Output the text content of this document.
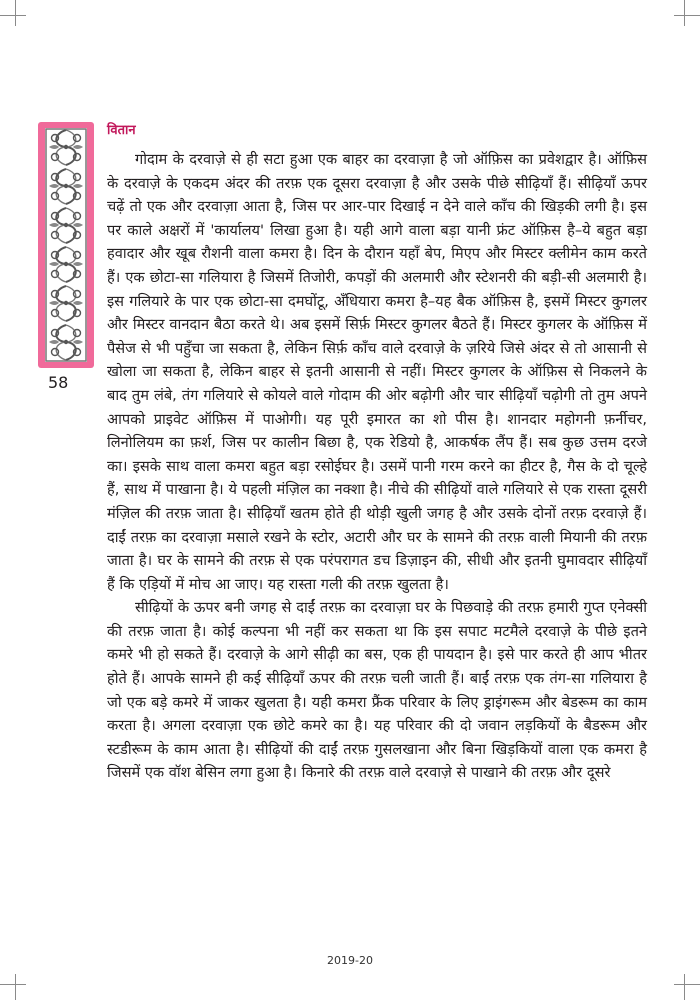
वितान
58

गोदाम के दरवाज़े से ही सटा हुआ एक बाहर का दरवाज़ा है जो ऑफ़िस का प्रवेशद्वार है। ऑफ़िस के दरवाज़े के एकदम अंदर की तरफ़ एक दूसरा दरवाज़ा है और उसके पीछे सीढ़ियाँ हैं। सीढ़ियाँ ऊपर चढ़ें तो एक और दरवाज़ा आता है, जिस पर आर-पार दिखाई न देने वाले काँच की खिड़की लगी है। इस पर काले अक्षरों में 'कार्यालय' लिखा हुआ है। यही आगे वाला बड़ा यानी फ्रंट ऑफ़िस है–ये बहुत बड़ा हवादार और खूब रौशनी वाला कमरा है। दिन के दौरान यहाँ बेप, मिएप और मिस्टर क्लीमेन काम करते हैं। एक छोटा-सा गलियारा है जिसमें तिजोरी, कपड़ों की अलमारी और स्टेशनरी की बड़ी-सी अलमारी है। इस गलियारे के पार एक छोटा-सा दमघोंटू, अँधियारा कमरा है–यह बैक ऑफ़िस है, इसमें मिस्टर कुगलर और मिस्टर वानदान बैठा करते थे। अब इसमें सिर्फ़ मिस्टर कुगलर बैठते हैं। मिस्टर कुगलर के ऑफ़िस में पैसेज से भी पहुँचा जा सकता है, लेकिन सिर्फ़ काँच वाले दरवाज़े के ज़रिये जिसे अंदर से तो आसानी से खोला जा सकता है, लेकिन बाहर से इतनी आसानी से नहीं। मिस्टर कुगलर के ऑफ़िस से निकलने के बाद तुम लंबे, तंग गलियारे से कोयले वाले गोदाम की ओर बढ़ोगी और चार सीढ़ियाँ चढ़ोगी तो तुम अपने आपको प्राइवेट ऑफ़िस में पाओगी। यह पूरी इमारत का शो पीस है। शानदार महोगनी फ़र्नीचर, लिनोलियम का फ़र्श, जिस पर कालीन बिछा है, एक रेडियो है, आकर्षक लैंप हैं। सब कुछ उत्तम दरजे का। इसके साथ वाला कमरा बहुत बड़ा रसोईघर है। उसमें पानी गरम करने का हीटर है, गैस के दो चूल्हे हैं, साथ में पाखाना है। ये पहली मंज़िल का नक्शा है। नीचे की सीढ़ियों वाले गलियारे से एक रास्ता दूसरी मंज़िल की तरफ़ जाता है। सीढ़ियाँ खतम होते ही थोड़ी खुली जगह है और उसके दोनों तरफ़ दरवाज़े हैं। दाईं तरफ़ का दरवाज़ा मसाले रखने के स्टोर, अटारी और घर के सामने की तरफ़ वाली मियानी की तरफ़ जाता है। घर के सामने की तरफ़ से एक परंपरागत डच डिज़ाइन की, सीधी और इतनी घुमावदार सीढ़ियाँ हैं कि एड़ियों में मोच आ जाए। यह रास्ता गली की तरफ़ खुलता है।

सीढ़ियों के ऊपर बनी जगह से दाईं तरफ़ का दरवाज़ा घर के पिछवाड़े की तरफ़ हमारी गुप्त एनेक्सी की तरफ़ जाता है। कोई कल्पना भी नहीं कर सकता था कि इस सपाट मटमैले दरवाज़े के पीछे इतने कमरे भी हो सकते हैं। दरवाज़े के आगे सीढ़ी का बस, एक ही पायदान है। इसे पार करते ही आप भीतर होते हैं। आपके सामने ही कई सीढ़ियाँ ऊपर की तरफ़ चली जाती हैं। बाईं तरफ़ एक तंग-सा गलियारा है जो एक बड़े कमरे में जाकर खुलता है। यही कमरा फ्रैंक परिवार के लिए ड्राइंगरूम और बेडरूम का काम करता है। अगला दरवाज़ा एक छोटे कमरे का है। यह परिवार की दो जवान लड़कियों के बैडरूम और स्टडीरूम के काम आता है। सीढ़ियों की दाईं तरफ़ गुसलखाना और बिना खिड़कियों वाला एक कमरा है जिसमें एक वॉश बेसिन लगा हुआ है। किनारे की तरफ़ वाले दरवाज़े से पाखाने की तरफ़ और दूसरे

2019-20
